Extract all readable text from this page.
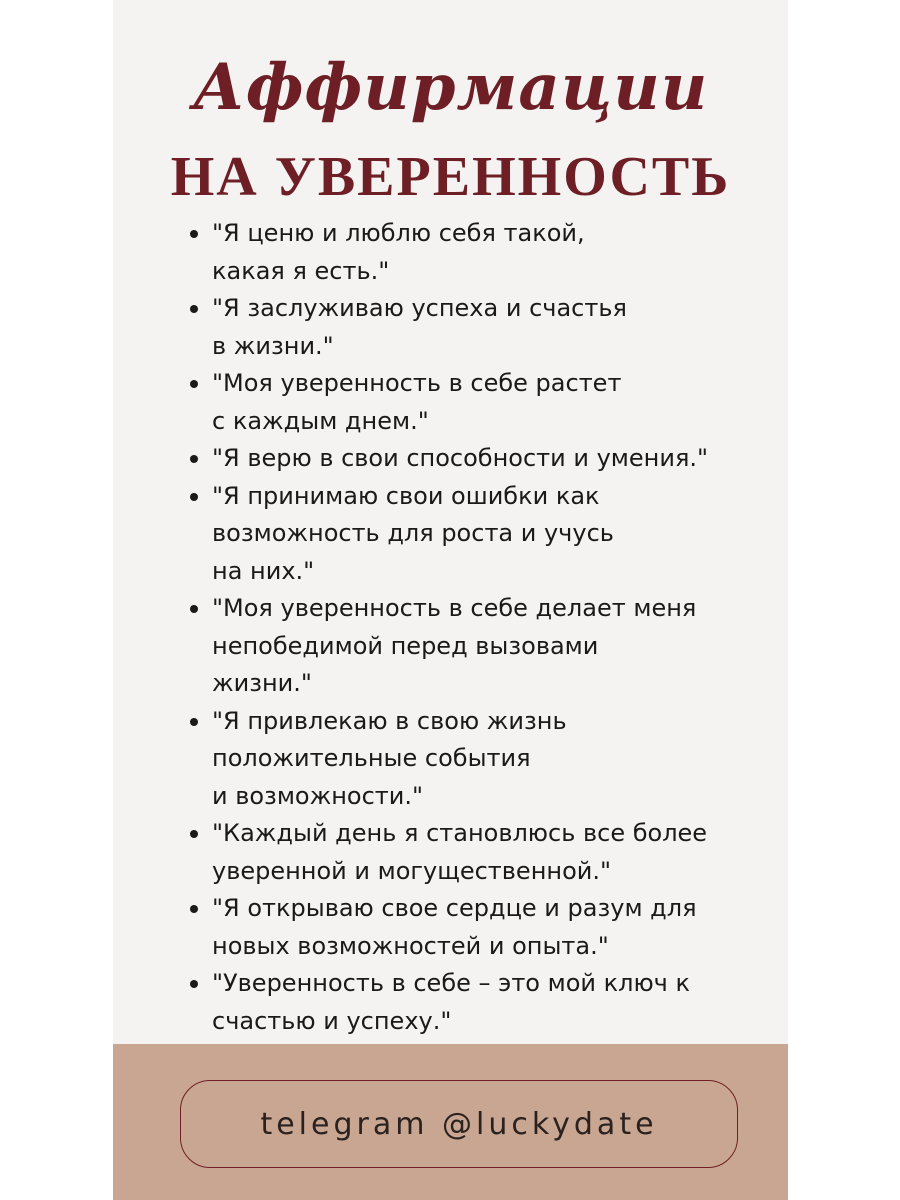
Аффирмации
НА УВЕРЕННОСТЬ
"Я ценю и люблю себя такой,
какая я есть."
"Я заслуживаю успеха и счастья
в жизни."
"Моя уверенность в себе растет
с каждым днем."
"Я верю в свои способности и умения."
"Я принимаю свои ошибки как
возможность для роста и учусь
на них."
"Моя уверенность в себе делает меня
непобедимой перед вызовами
жизни."
"Я привлекаю в свою жизнь
положительные события
и возможности."
"Каждый день я становлюсь все более
уверенной и могущественной."
"Я открываю свое сердце и разум для
новых возможностей и опыта."
"Уверенность в себе – это мой ключ к
счастью и успеху."
telegram @luckydate
